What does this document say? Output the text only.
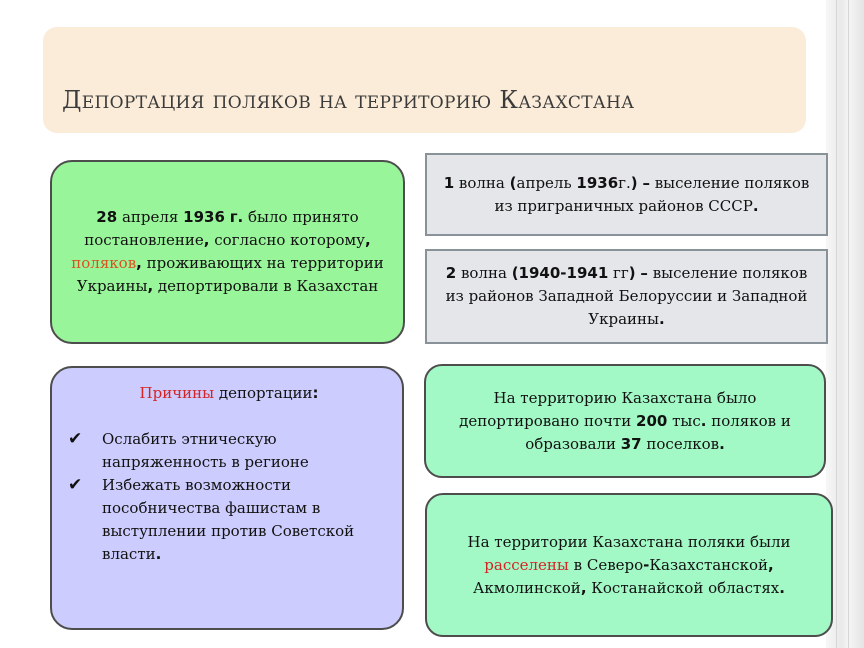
Депортация поляков на территорию Казахстана
28 апреля 1936 г. было принято постановление, согласно которому, поляков, проживающих на территории Украины, депортировали в Казахстан
1 волна (апрель 1936г.) – выселение поляков из приграничных районов СССР.
2 волна (1940-1941 гг) – выселение поляков из районов Западной Белоруссии и Западной Украины.
Причины депортации:
✔	Ослабить этническую напряженность в регионе
✔	Избежать возможности пособничества фашистам в выступлении против Советской власти.
На территорию Казахстана было депортировано почти 200 тыс. поляков и образовали 37 поселков.
На территории Казахстана поляки были расселены в Северо-Казахстанской, Акмолинской, Костанайской областях.
